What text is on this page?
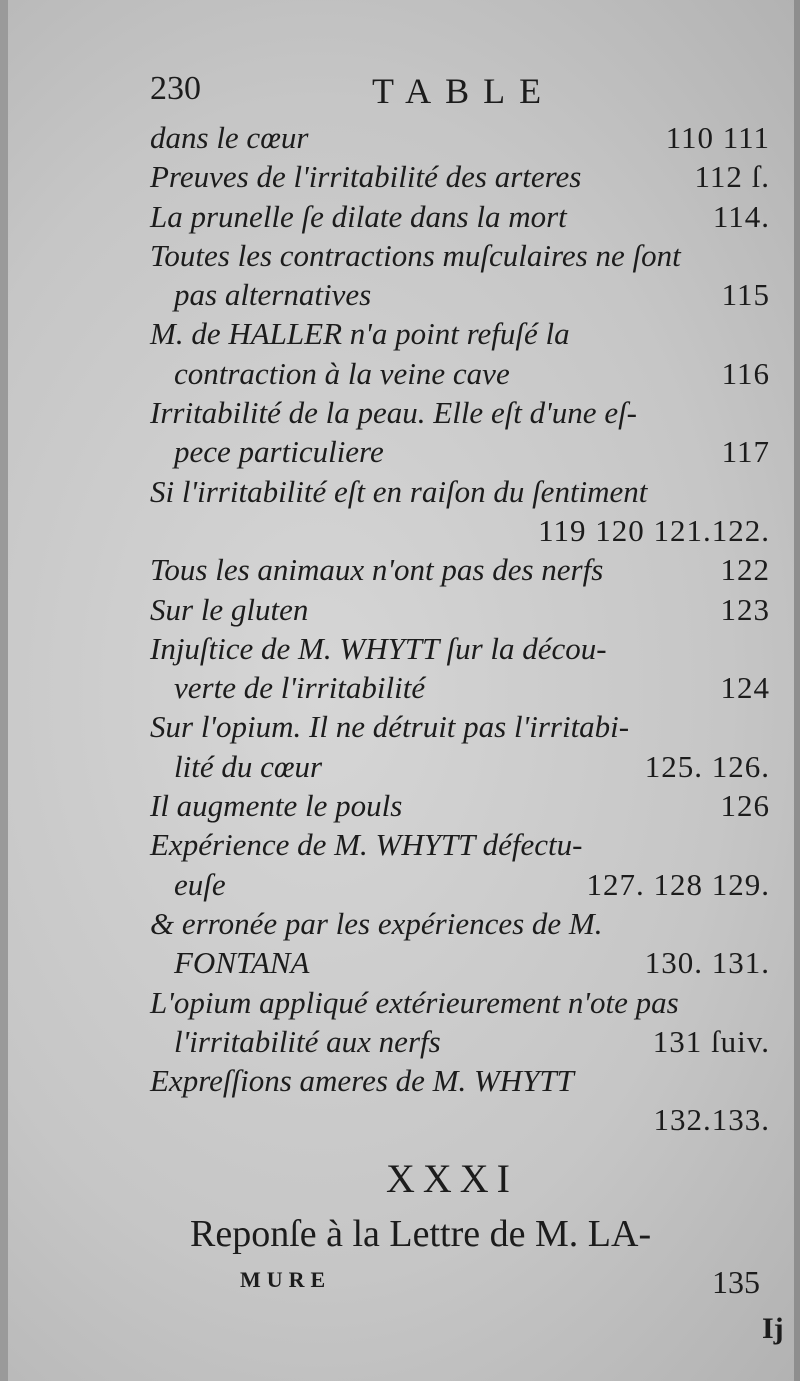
230	TABLE
dans le cœur	110 111
Preuves de l'irritabilité des arteres	112 ſ.
La prunelle ſe dilate dans la mort	114.
Toutes les contractions muſculaires ne ſont
pas alternatives	115
M. de HALLER n'a point refuſé la
contraction à la veine cave	116
Irritabilité de la peau. Elle eſt d'une eſ-
pece particuliere	117
Si l'irritabilité eſt en raiſon du ſentiment
119 120 121.122.
Tous les animaux n'ont pas des nerfs	122
Sur le gluten	123
Injuſtice de M. WHYTT ſur la décou-
verte de l'irritabilité	124
Sur l'opium. Il ne détruit pas l'irritabi-
lité du cœur	125. 126.
Il augmente le pouls	126
Expérience de M. WHYTT défectu-
euſe	127. 128 129.
& erronée par les expériences de M.
FONTANA	130. 131.
L'opium appliqué extérieurement n'ote pas
l'irritabilité aux nerfs	131 ſuiv.
Expreſſions ameres de M. WHYTT
132.133.
XXXI
Reponſe à la Lettre de M. LA-
MURE	135
Ij
